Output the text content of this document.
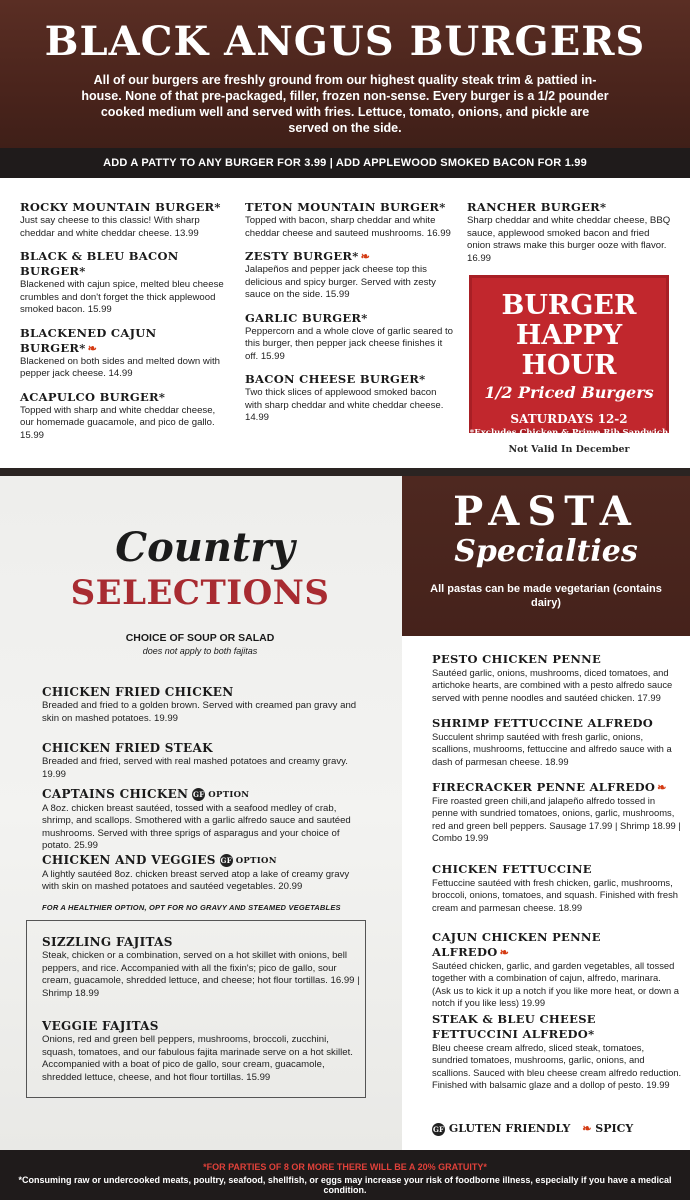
BLACK ANGUS BURGERS
All of our burgers are freshly ground from our highest quality steak trim & pattied in-house. None of that pre-packaged, filler, frozen non-sense. Every burger is a 1/2 pounder cooked medium well and served with fries. Lettuce, tomato, onions, and pickle are served on the side.
ADD A PATTY TO ANY BURGER FOR 3.99 | ADD APPLEWOOD SMOKED BACON FOR 1.99
ROCKY MOUNTAIN BURGER*
Just say cheese to this classic! With sharp cheddar and white cheddar cheese. 13.99
BLACK & BLEU BACON BURGER*
Blackened with cajun spice, melted bleu cheese crumbles and don't forget the thick applewood smoked bacon. 15.99
BLACKENED CAJUN BURGER* ❧
Blackened on both sides and melted down with pepper jack cheese. 14.99
ACAPULCO BURGER*
Topped with sharp and white cheddar cheese, our homemade guacamole, and pico de gallo. 15.99
TETON MOUNTAIN BURGER*
Topped with bacon, sharp cheddar and white cheddar cheese and sauteed mushrooms. 16.99
ZESTY BURGER* ❧
Jalapeños and pepper jack cheese top this delicious and spicy burger. Served with zesty sauce on the side. 15.99
GARLIC BURGER*
Peppercorn and a whole clove of garlic seared to this burger, then pepper jack cheese finishes it off. 15.99
BACON CHEESE BURGER*
Two thick slices of applewood smoked bacon with sharp cheddar and white cheddar cheese. 14.99
RANCHER BURGER*
Sharp cheddar and white cheddar cheese, BBQ sauce, applewood smoked bacon and fried onion straws make this burger ooze with flavor. 16.99
BURGER
HAPPY HOUR
1/2 Priced Burgers
SATURDAYS 12-2
*Excludes Chicken & Prime Rib Sandwich
Not Valid In December
Country
SELECTIONS
CHOICE OF SOUP OR SALAD
does not apply to both fajitas
CHICKEN FRIED CHICKEN
Breaded and fried to a golden brown. Served with creamed pan gravy and skin on mashed potatoes. 19.99
CHICKEN FRIED STEAK
Breaded and fried, served with real mashed potatoes and creamy gravy. 19.99
CAPTAINS CHICKEN GF OPTION
A 8oz. chicken breast sautéed, tossed with a seafood medley of crab, shrimp, and scallops. Smothered with a garlic alfredo sauce and sautéed mushrooms. Served with three sprigs of asparagus and your choice of potato. 25.99
CHICKEN AND VEGGIES GF OPTION
A lightly sautéed 8oz. chicken breast served atop a lake of creamy gravy with skin on mashed potatoes and sautéed vegetables. 20.99
FOR A HEALTHIER OPTION, OPT FOR NO GRAVY AND STEAMED VEGETABLES
SIZZLING FAJITAS
Steak, chicken or a combination, served on a hot skillet with onions, bell peppers, and rice. Accompanied with all the fixin's; pico de gallo, sour cream, guacamole, shredded lettuce, and cheese; hot flour tortillas. 16.99 | Shrimp 18.99
VEGGIE FAJITAS
Onions, red and green bell peppers, mushrooms, broccoli, zucchini, squash, tomatoes, and our fabulous fajita marinade serve on a hot skillet. Accompanied with a boat of pico de gallo, sour cream, guacamole, shredded lettuce, cheese, and hot flour tortillas. 15.99
PASTA
Specialties
All pastas can be made vegetarian (contains dairy)
PESTO CHICKEN PENNE
Sautéed garlic, onions, mushrooms, diced tomatoes, and artichoke hearts, are combined with a pesto alfredo sauce served with penne noodles and sautéed chicken. 17.99
SHRIMP FETTUCCINE ALFREDO
Succulent shrimp sautéed with fresh garlic, onions, scallions, mushrooms, fettuccine and alfredo sauce with a dash of parmesan cheese. 18.99
FIRECRACKER PENNE ALFREDO ❧
Fire roasted green chili,and jalapeño alfredo tossed in penne with sundried tomatoes, onions, garlic, mushrooms, red and green bell peppers. Sausage 17.99 | Shrimp 18.99 | Combo 19.99
CHICKEN FETTUCCINE
Fettuccine sautéed with fresh chicken, garlic, mushrooms, broccoli, onions, tomatoes, and squash. Finished with fresh cream and parmesan cheese. 18.99
CAJUN CHICKEN PENNE ALFREDO ❧
Sautéed chicken, garlic, and garden vegetables, all tossed together with a combination of cajun, alfredo, marinara. (Ask us to kick it up a notch if you like more heat, or down a notch if you like less) 19.99
STEAK & BLEU CHEESE FETTUCCINI ALFREDO*
Bleu cheese cream alfredo, sliced steak, tomatoes, sundried tomatoes, mushrooms, garlic, onions, and scallions. Sauced with bleu cheese cream alfredo reduction. Finished with balsamic glaze and a dollop of pesto. 19.99
GF GLUTEN FRIENDLY ❧ SPICY
*FOR PARTIES OF 8 OR MORE THERE WILL BE A 20% GRATUITY*
*Consuming raw or undercooked meats, poultry, seafood, shellfish, or eggs may increase your risk of foodborne illness, especially if you have a medical condition.
